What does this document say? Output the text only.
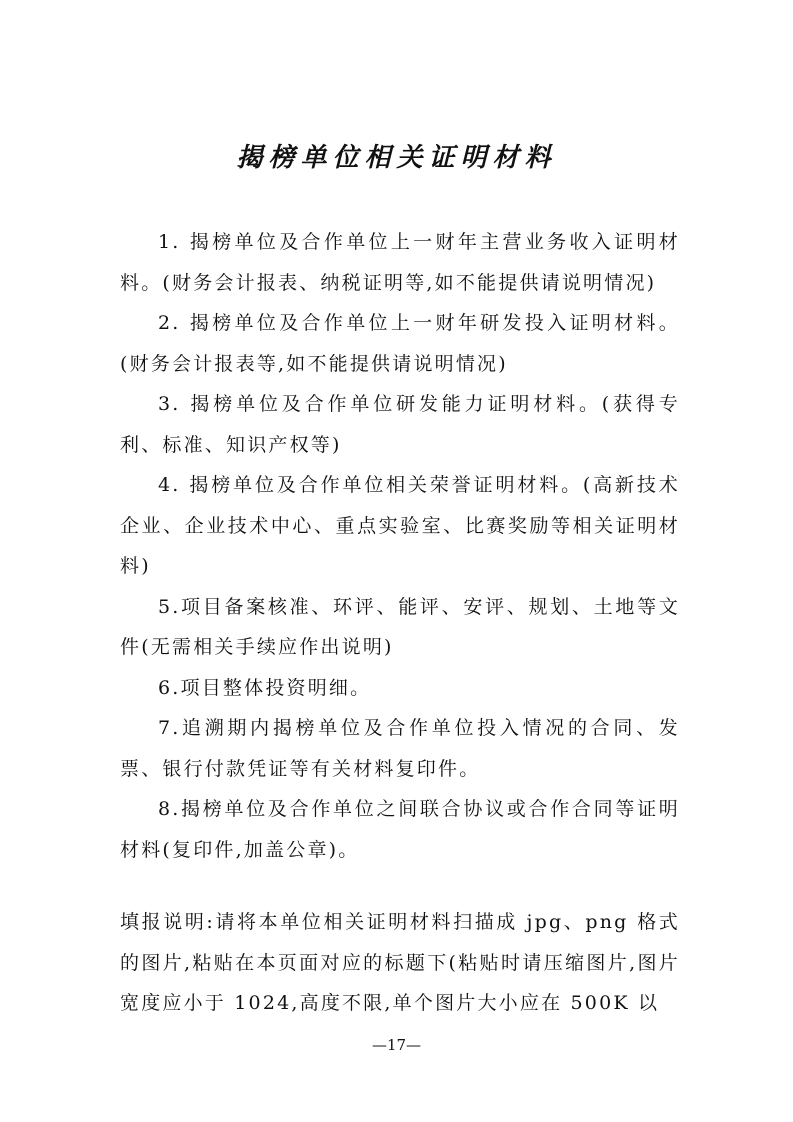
揭榜单位相关证明材料

1. 揭榜单位及合作单位上一财年主营业务收入证明材料。(财务会计报表、纳税证明等,如不能提供请说明情况)

2. 揭榜单位及合作单位上一财年研发投入证明材料。(财务会计报表等,如不能提供请说明情况)

3. 揭榜单位及合作单位研发能力证明材料。(获得专利、标准、知识产权等)

4. 揭榜单位及合作单位相关荣誉证明材料。(高新技术企业、企业技术中心、重点实验室、比赛奖励等相关证明材料)

5.项目备案核准、环评、能评、安评、规划、土地等文件(无需相关手续应作出说明)

6.项目整体投资明细。

7.追溯期内揭榜单位及合作单位投入情况的合同、发票、银行付款凭证等有关材料复印件。

8.揭榜单位及合作单位之间联合协议或合作合同等证明材料(复印件,加盖公章)。

填报说明:请将本单位相关证明材料扫描成 jpg、png 格式的图片,粘贴在本页面对应的标题下(粘贴时请压缩图片,图片宽度应小于 1024,高度不限,单个图片大小应在 500K 以
—17—
